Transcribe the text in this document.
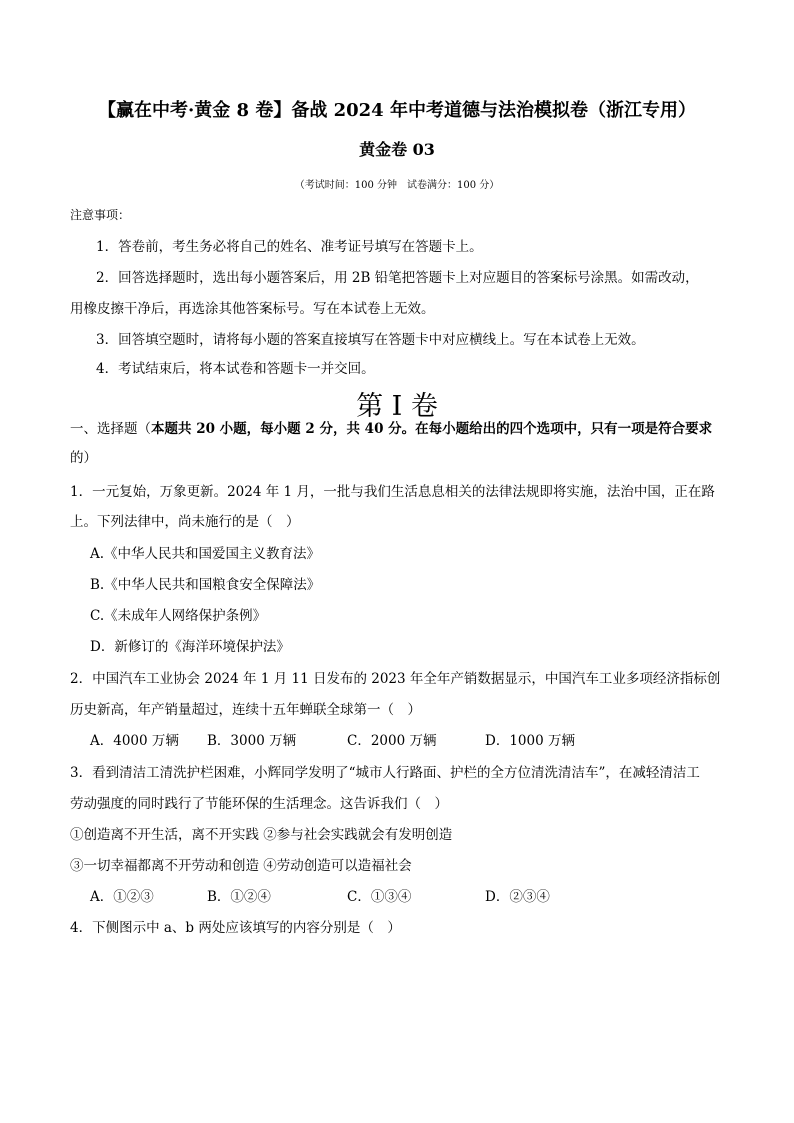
【赢在中考·黄金 8 卷】备战 2024 年中考道德与法治模拟卷（浙江专用）
黄金卷 03
（考试时间：100 分钟　试卷满分：100 分）
注意事项：
1．答卷前，考生务必将自己的姓名、准考证号填写在答题卡上。
2．回答选择题时，选出每小题答案后，用 2B 铅笔把答题卡上对应题目的答案标号涂黑。如需改动，
用橡皮擦干净后，再选涂其他答案标号。写在本试卷上无效。
3．回答填空题时，请将每小题的答案直接填写在答题卡中对应横线上。写在本试卷上无效。
4．考试结束后，将本试卷和答题卡一并交回。
第 I 卷
一、选择题（本题共 20 小题，每小题 2 分，共 40 分。在每小题给出的四个选项中，只有一项是符合要求
的）
1．一元复始，万象更新。2024 年 1 月，一批与我们生活息息相关的法律法规即将实施，法治中国，正在路
上。下列法律中，尚未施行的是（　）
A.《中华人民共和国爱国主义教育法》
B.《中华人民共和国粮食安全保障法》
C.《未成年人网络保护条例》
D．新修订的《海洋环境保护法》
2．中国汽车工业协会 2024 年 1 月 11 日发布的 2023 年全年产销数据显示，中国汽车工业多项经济指标创
历史新高，年产销量超过，连续十五年蝉联全球第一（　）
A．4000 万辆 B．3000 万辆	C．2000 万辆	D．1000 万辆
3．看到清洁工清洗护栏困难，小辉同学发明了“城市人行路面、护栏的全方位清洗清洁车”，在减轻清洁工
劳动强度的同时践行了节能环保的生活理念。这告诉我们（　）
①创造离不开生活，离不开实践 ②参与社会实践就会有发明创造
③一切幸福都离不开劳动和创造 ④劳动创造可以造福社会
A．①②③	B．①②④	C．①③④	D．②③④
4．下侧图示中 a、b 两处应该填写的内容分别是（　）
